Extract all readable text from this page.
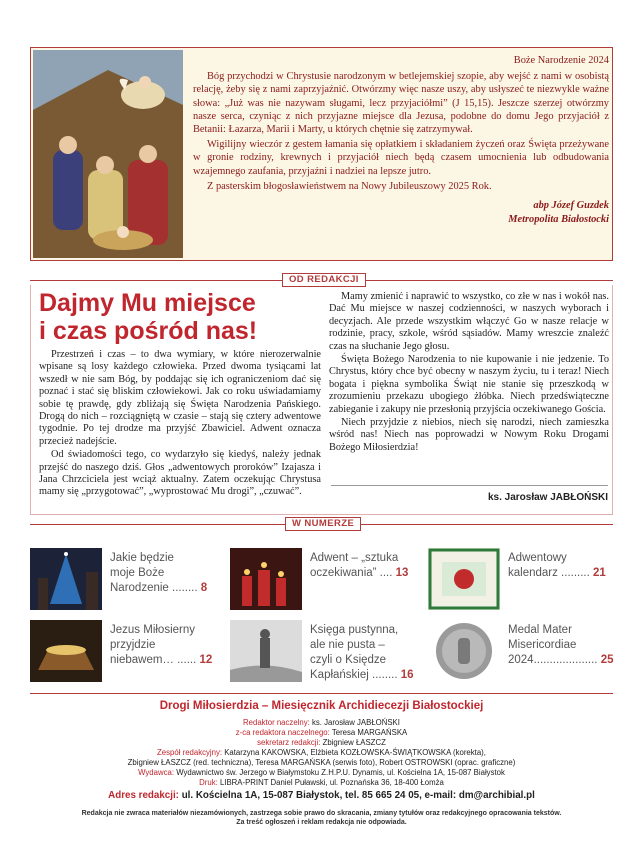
Boże Narodzenie 2024

Bóg przychodzi w Chrystusie narodzonym w betlejemskiej szopie, aby wejść z nami w osobistą relację, żeby się z nami zaprzyjaźnić. Otwórzmy więc nasze uszy, aby usłyszeć te niezwykle ważne słowa: „Już was nie nazywam sługami, lecz przyjaciółmi” (J 15,15). Jeszcze szerzej otwórzmy nasze serca, czyniąc z nich przyjazne miejsce dla Jezusa, podobne do domu Jego przyjaciół z Betanii: Łazarza, Marii i Marty, u których chętnie się zatrzymywał.

Wigilijny wieczór z gestem łamania się opłatkiem i składaniem życzeń oraz Święta przeżywane w gronie rodziny, krewnych i przyjaciół niech będą czasem umocnienia lub odbudowania wzajemnego zaufania, przyjaźni i nadziei na lepsze jutro.

Z pasterskim błogosławieństwem na Nowy Jubileuszowy 2025 Rok.

abp Józef Guzdek
Metropolita Białostocki
OD REDAKCJI
Dajmy Mu miejsce
i czas pośród nas!

Przestrzeń i czas – to dwa wymiary, w które nierozerwalnie wpisane są losy każdego człowieka. Przed dwoma tysiącami lat wszedł w nie sam Bóg, by poddając się ich ograniczeniom dać się poznać i stać się bliskim człowiekowi. Jak co roku uświadamiamy sobie tę prawdę, gdy zbliżają się Święta Narodzenia Pańskiego. Drogą do nich – rozciągniętą w czasie – stają się cztery adwentowe tygodnie. Po tej drodze ma przyjść Zbawiciel. Adwent oznacza przecież nadejście.

Od świadomości tego, co wydarzyło się kiedyś, należy jednak przejść do naszego dziś. Głos „adwentowych proroków” Izajasza i Jana Chrzciciela jest wciąż aktualny. Zatem oczekując Chrystusa mamy się „przygotować”, „wyprostować Mu drogi”, „czuwać”.

Mamy zmienić i naprawić to wszystko, co złe w nas i wokół nas. Dać Mu miejsce w naszej codzienności, w naszych wyborach i decyzjach. Ale przede wszystkim włączyć Go w nasze relacje w rodzinie, pracy, szkole, wśród sąsiadów. Mamy wreszcie znaleźć czas na słuchanie Jego głosu.

Święta Bożego Narodzenia to nie kupowanie i nie jedzenie. To Chrystus, który chce być obecny w naszym życiu, tu i teraz! Niech bogata i piękna symbolika Świąt nie stanie się przeszkodą w zrozumieniu przekazu ubogiego żłóbka. Niech przedświąteczne zabieganie i zakupy nie przesłonią przyjścia oczekiwanego Gościa.

Niech przyjdzie z niebios, niech się narodzi, niech zamieszka wśród nas! Niech nas poprowadzi w Nowym Roku Drogami Bożego Miłosierdzia!

ks. Jarosław JABŁOŃSKI
W NUMERZE
Jakie będzie
moje Boże
Narodzenie ........ 8
Adwent – „sztuka
oczekiwania” .... 13
Adwentowy
kalendarz ......... 21
Jezus Miłosierny
przyjdzie
niebawem… ...... 12
Księga pustynna,
ale nie pusta –
czyli o Księdze
Kapłańskiej ........ 16
Medal Mater
Misericordiae
2024.................... 25
Drogi Miłosierdzia – Miesięcznik Archidiecezji Białostockiej
Redaktor naczelny: ks. Jarosław JABŁOŃSKI
z-ca redaktora naczelnego: Teresa MARGAŃSKA
sekretarz redakcji: Zbigniew ŁASZCZ
Zespół redakcyjny: Katarzyna KAKOWSKA, Elżbieta KOZŁOWSKA-ŚWIĄTKOWSKA (korekta),
Zbigniew ŁASZCZ (red. techniczna), Teresa MARGAŃSKA (serwis foto), Robert OSTROWSKI (oprac. graficzne)
Wydawca: Wydawnictwo św. Jerzego w Białymstoku Z.H.P.U. Dynamis, ul. Kościelna 1A, 15-087 Białystok
Druk: LIBRA-PRINT Daniel Puławski, ul. Poznańska 36, 18-400 Łomża
Adres redakcji: ul. Kościelna 1A, 15-087 Białystok, tel. 85 665 24 05, e-mail: dm@archibial.pl
Redakcja nie zwraca materiałów niezamówionych, zastrzega sobie prawo do skracania, zmiany tytułów oraz redakcyjnego opracowania tekstów.
Za treść ogłoszeń i reklam redakcja nie odpowiada.
